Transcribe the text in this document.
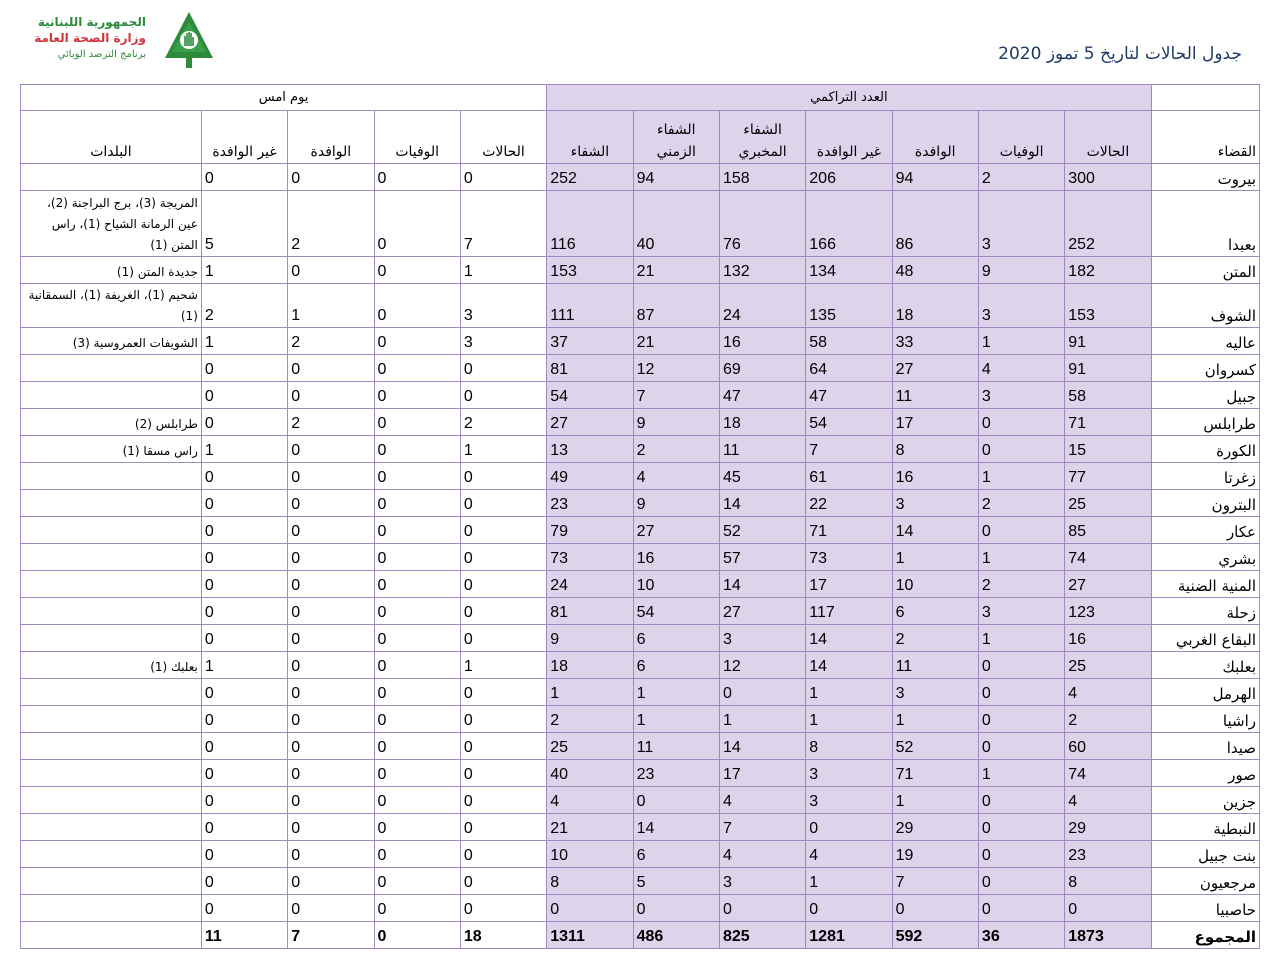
الجمهورية اللبنانية
وزارة الصحة العامة
برنامج الترصد الوبائي	جدول الحالات لتاريخ 5 تموز 2020
	العدد التراكمي							يوم امس				
القضاء	الحالات	الوفيات	الوافدة	غير الوافدة	الشفاء المخبري	الشفاء الزمني	الشفاء	الحالات	الوفيات	الوافدة	غير الوافدة	البلدات
بيروت	300	2	94	206	158	94	252	0	0	0	0	
بعبدا	252	3	86	166	76	40	116	7	0	2	5	المريجة (3)، برج البراجنة (2)، عين الرمانة الشياح (1)، راس المتن (1)
المتن	182	9	48	134	132	21	153	1	0	0	1	جديدة المتن (1)
الشوف	153	3	18	135	24	87	111	3	0	1	2	شحيم (1)، الغريفة (1)، السمقانية (1)
عاليه	91	1	33	58	16	21	37	3	0	2	1	الشويفات العمروسية (3)
كسروان	91	4	27	64	69	12	81	0	0	0	0	
جبيل	58	3	11	47	47	7	54	0	0	0	0	
طرابلس	71	0	17	54	18	9	27	2	0	2	0	طرابلس (2)
الكورة	15	0	8	7	11	2	13	1	0	0	1	راس مسقا (1)
زغرتا	77	1	16	61	45	4	49	0	0	0	0	
البترون	25	2	3	22	14	9	23	0	0	0	0	
عكار	85	0	14	71	52	27	79	0	0	0	0	
بشري	74	1	1	73	57	16	73	0	0	0	0	
المنية الضنية	27	2	10	17	14	10	24	0	0	0	0	
زحلة	123	3	6	117	27	54	81	0	0	0	0	
البقاع الغربي	16	1	2	14	3	6	9	0	0	0	0	
بعلبك	25	0	11	14	12	6	18	1	0	0	1	بعلبك (1)
الهرمل	4	0	3	1	0	1	1	0	0	0	0	
راشيا	2	0	1	1	1	1	2	0	0	0	0	
صيدا	60	0	52	8	14	11	25	0	0	0	0	
صور	74	1	71	3	17	23	40	0	0	0	0	
جزين	4	0	1	3	4	0	4	0	0	0	0	
النبطية	29	0	29	0	7	14	21	0	0	0	0	
بنت جبيل	23	0	19	4	4	6	10	0	0	0	0	
مرجعيون	8	0	7	1	3	5	8	0	0	0	0	
حاصبيا	0	0	0	0	0	0	0	0	0	0	0	
المجموع	1873	36	592	1281	825	486	1311	18	0	7	11	
